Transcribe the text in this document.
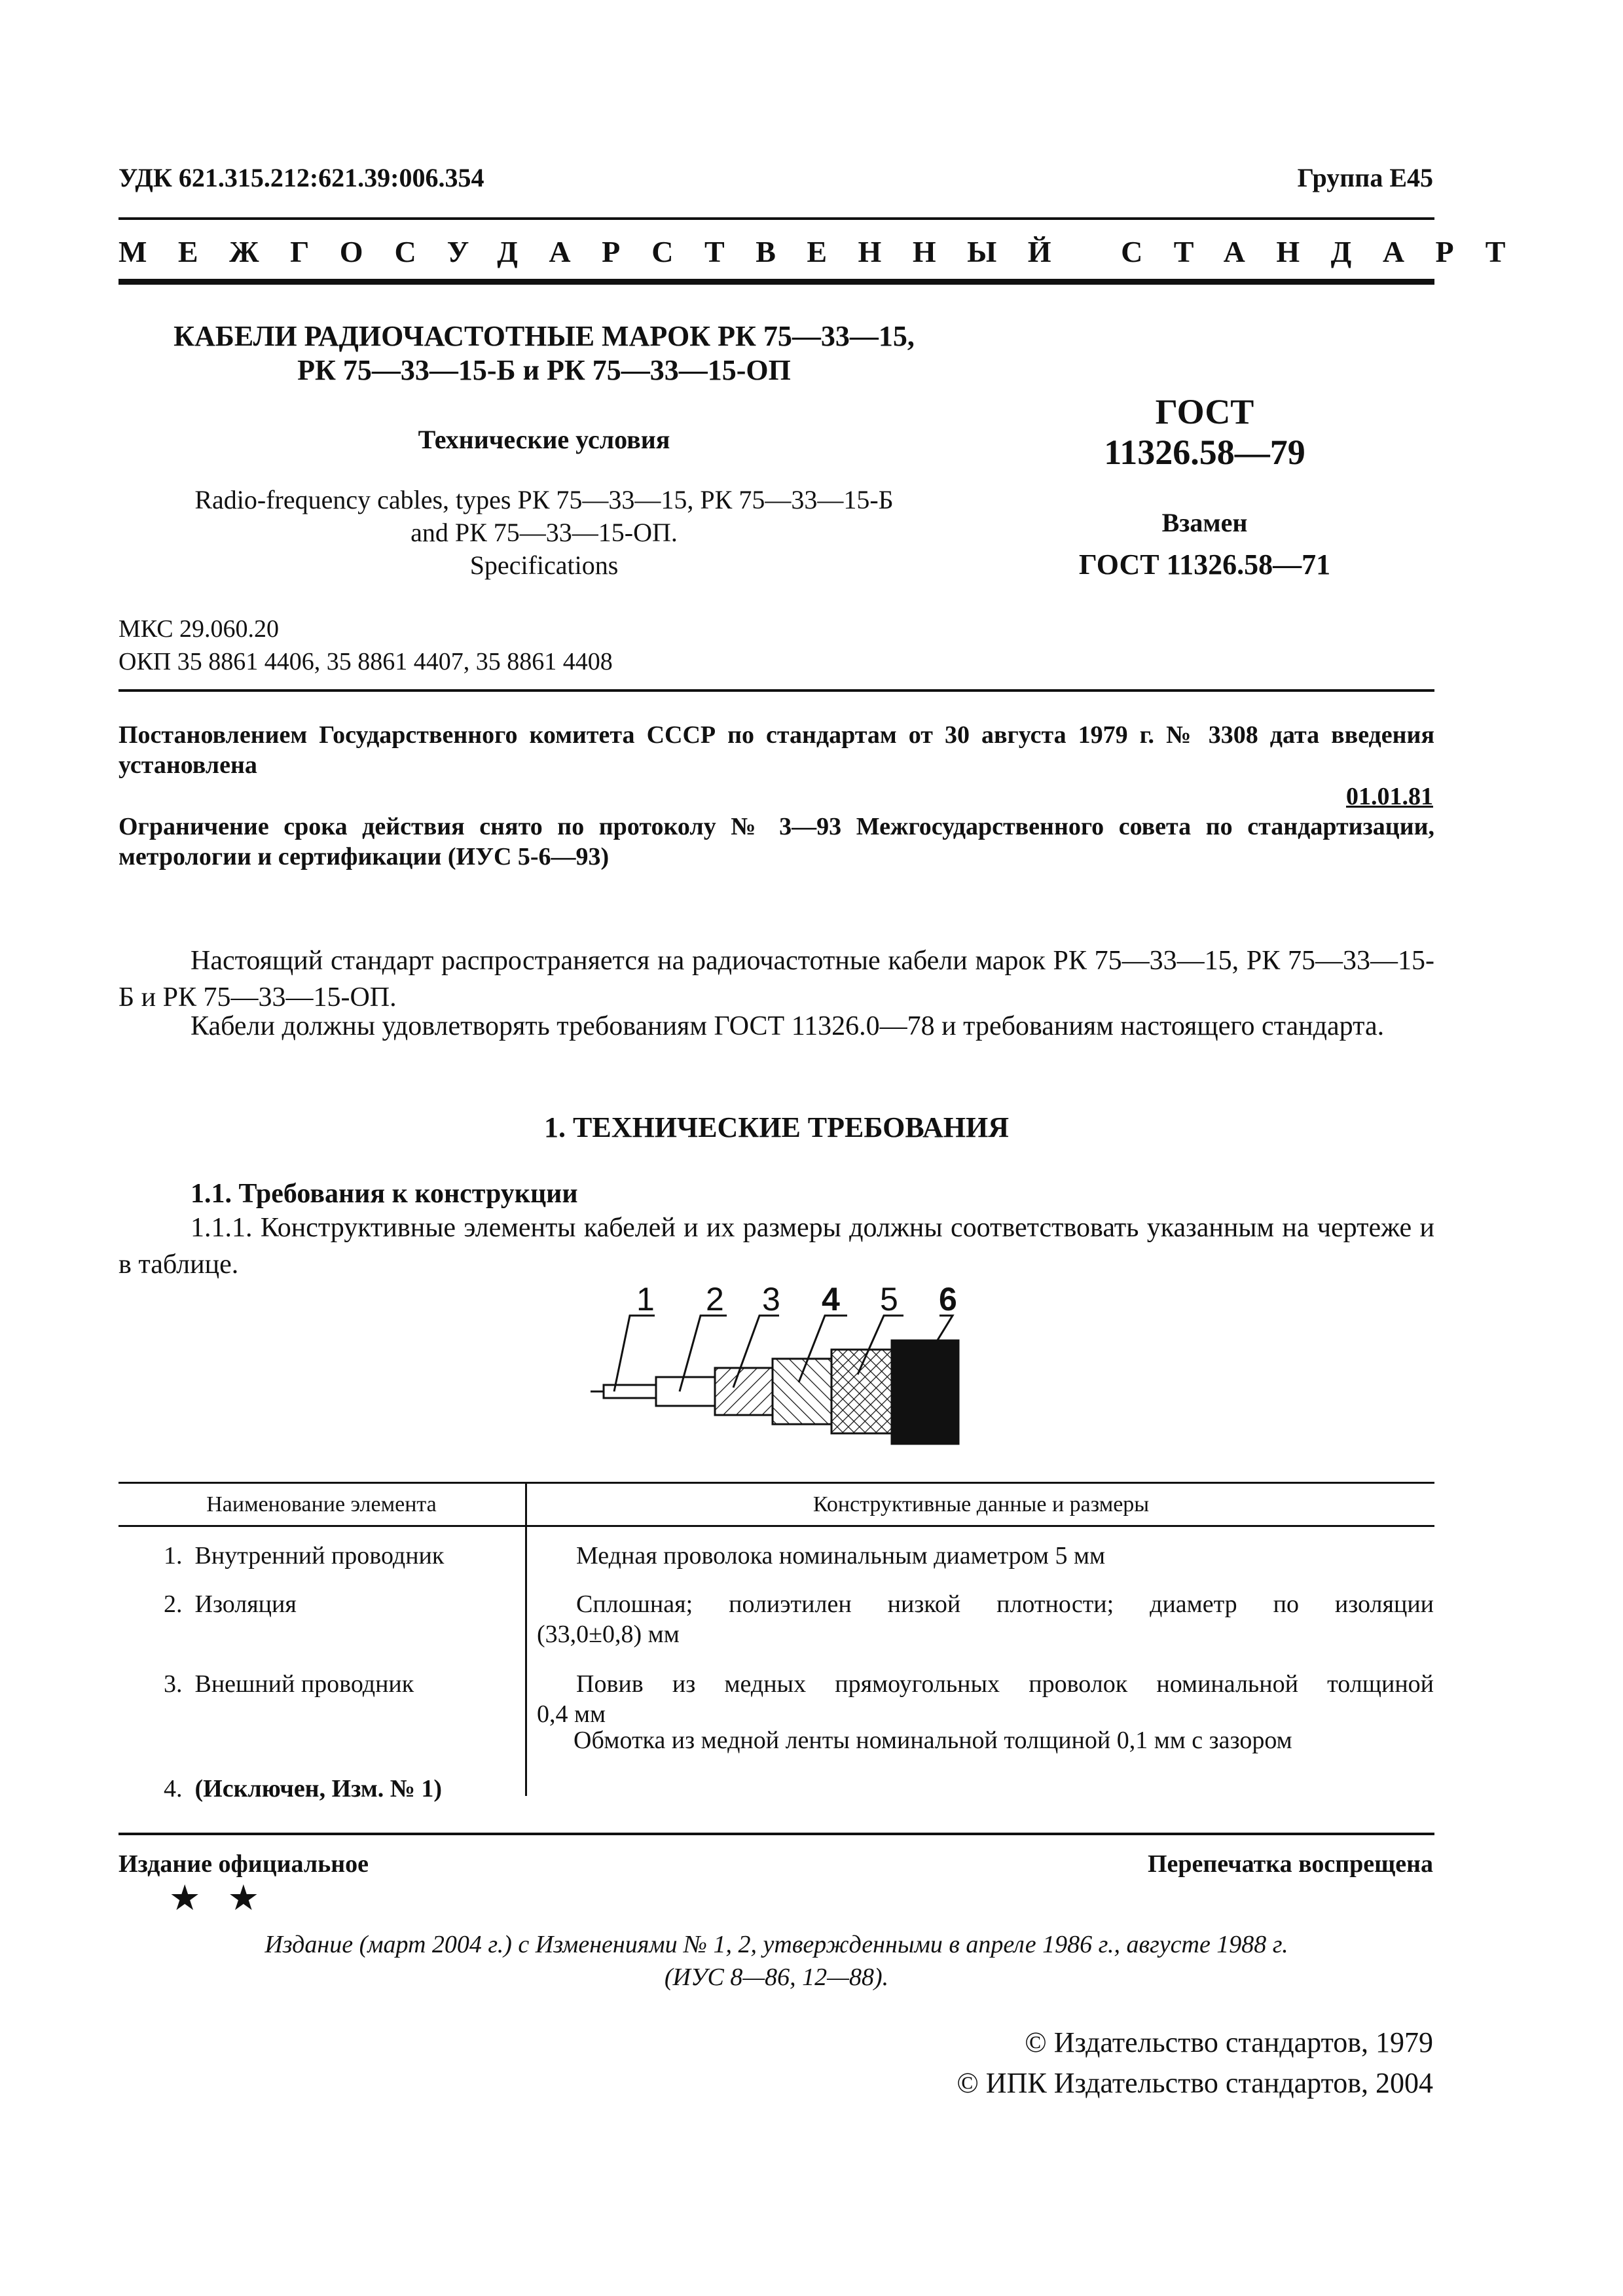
УДК 621.315.212:621.39:006.354	Группа Е45
МЕЖГОСУДАРСТВЕННЫЙ СТАНДАРТ
КАБЕЛИ РАДИОЧАСТОТНЫЕ МАРОК РК 75—33—15,
РК 75—33—15-Б и РК 75—33—15-ОП
Технические условия
Radio-frequency cables, types РК 75—33—15, РК 75—33—15-Б
and РК 75—33—15-ОП.
Specifications
ГОСТ
11326.58—79
Взамен
ГОСТ 11326.58—71
МКС 29.060.20
ОКП 35 8861 4406, 35 8861 4407, 35 8861 4408
Постановлением Государственного комитета СССР по стандартам от 30 августа 1979 г. № 3308 дата введения установлена
01.01.81
Ограничение срока действия снято по протоколу № 3—93 Межгосударственного совета по стандартизации, метрологии и сертификации (ИУС 5-6—93)
Настоящий стандарт распространяется на радиочастотные кабели марок РК 75—33—15, РК 75—33—15-Б и РК 75—33—15-ОП.
Кабели должны удовлетворять требованиям ГОСТ 11326.0—78 и требованиям настоящего стандарта.
1. ТЕХНИЧЕСКИЕ ТРЕБОВАНИЯ
1.1. Требования к конструкции
1.1.1. Конструктивные элементы кабелей и их размеры должны соответствовать указанным на чертеже и в таблице.
1 2 3 4 5 6
Наименование элемента	Конструктивные данные и размеры
1. Внутренний проводник	Медная проволока номинальным диаметром 5 мм
2. Изоляция	Сплошная; полиэтилен низкой плотности; диаметр по изоляции
(33,0±0,8) мм
3. Внешний проводник	Повив из медных прямоугольных проволок номинальной толщиной
0,4 мм
Обмотка из медной ленты номинальной толщиной 0,1 мм с зазором
4. (Исключен, Изм. № 1)
Издание официальное	Перепечатка воспрещена
★ ★
Издание (март 2004 г.) с Изменениями № 1, 2, утвержденными в апреле 1986 г., августе 1988 г.
(ИУС 8—86, 12—88).
© Издательство стандартов, 1979
© ИПК Издательство стандартов, 2004
